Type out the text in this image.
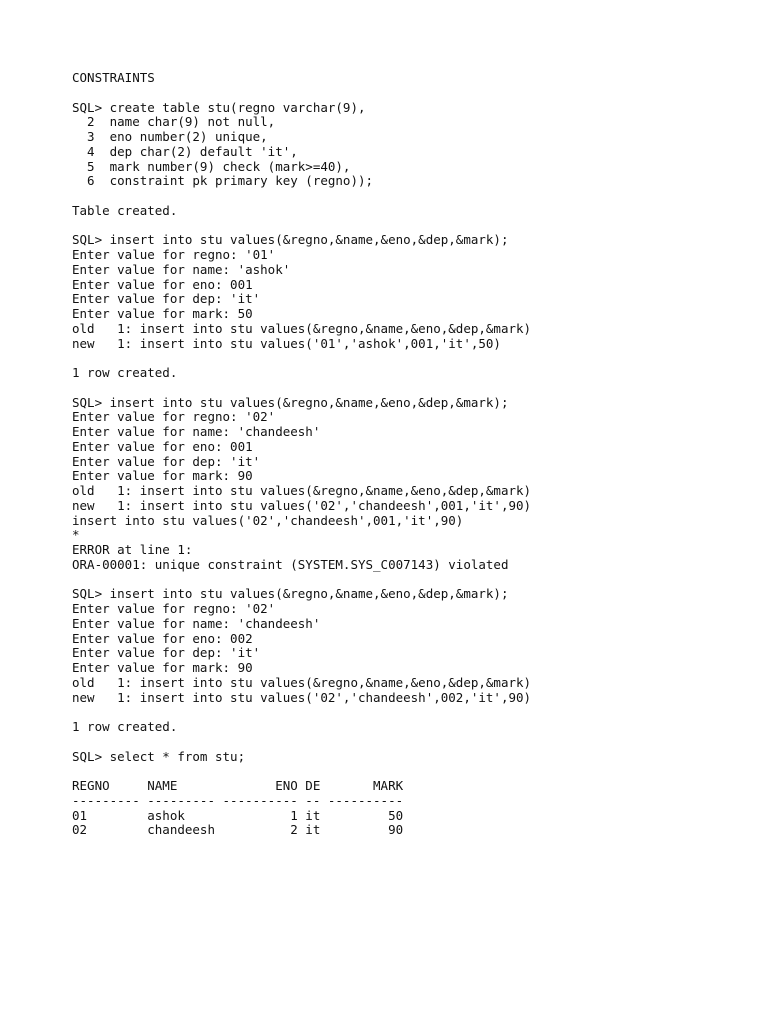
CONSTRAINTS
SQL> create table stu(regno varchar(9),
2  name char(9) not null,
3  eno number(2) unique,
4  dep char(2) default 'it',
5  mark number(9) check (mark>=40),
6  constraint pk primary key (regno));
Table created.
SQL> insert into stu values(&regno,&name,&eno,&dep,&mark);
Enter value for regno: '01'
Enter value for name: 'ashok'
Enter value for eno: 001
Enter value for dep: 'it'
Enter value for mark: 50
old   1: insert into stu values(&regno,&name,&eno,&dep,&mark)
new   1: insert into stu values('01','ashok',001,'it',50)
1 row created.
SQL> insert into stu values(&regno,&name,&eno,&dep,&mark);
Enter value for regno: '02'
Enter value for name: 'chandeesh'
Enter value for eno: 001
Enter value for dep: 'it'
Enter value for mark: 90
old   1: insert into stu values(&regno,&name,&eno,&dep,&mark)
new   1: insert into stu values('02','chandeesh',001,'it',90)
insert into stu values('02','chandeesh',001,'it',90)
*
ERROR at line 1:
ORA-00001: unique constraint (SYSTEM.SYS_C007143) violated
SQL> insert into stu values(&regno,&name,&eno,&dep,&mark);
Enter value for regno: '02'
Enter value for name: 'chandeesh'
Enter value for eno: 002
Enter value for dep: 'it'
Enter value for mark: 90
old   1: insert into stu values(&regno,&name,&eno,&dep,&mark)
new   1: insert into stu values('02','chandeesh',002,'it',90)
1 row created.
SQL> select * from stu;
REGNO     NAME             ENO DE       MARK
--------- --------- ---------- -- ----------
01        ashok              1 it         50
02        chandeesh          2 it         90
